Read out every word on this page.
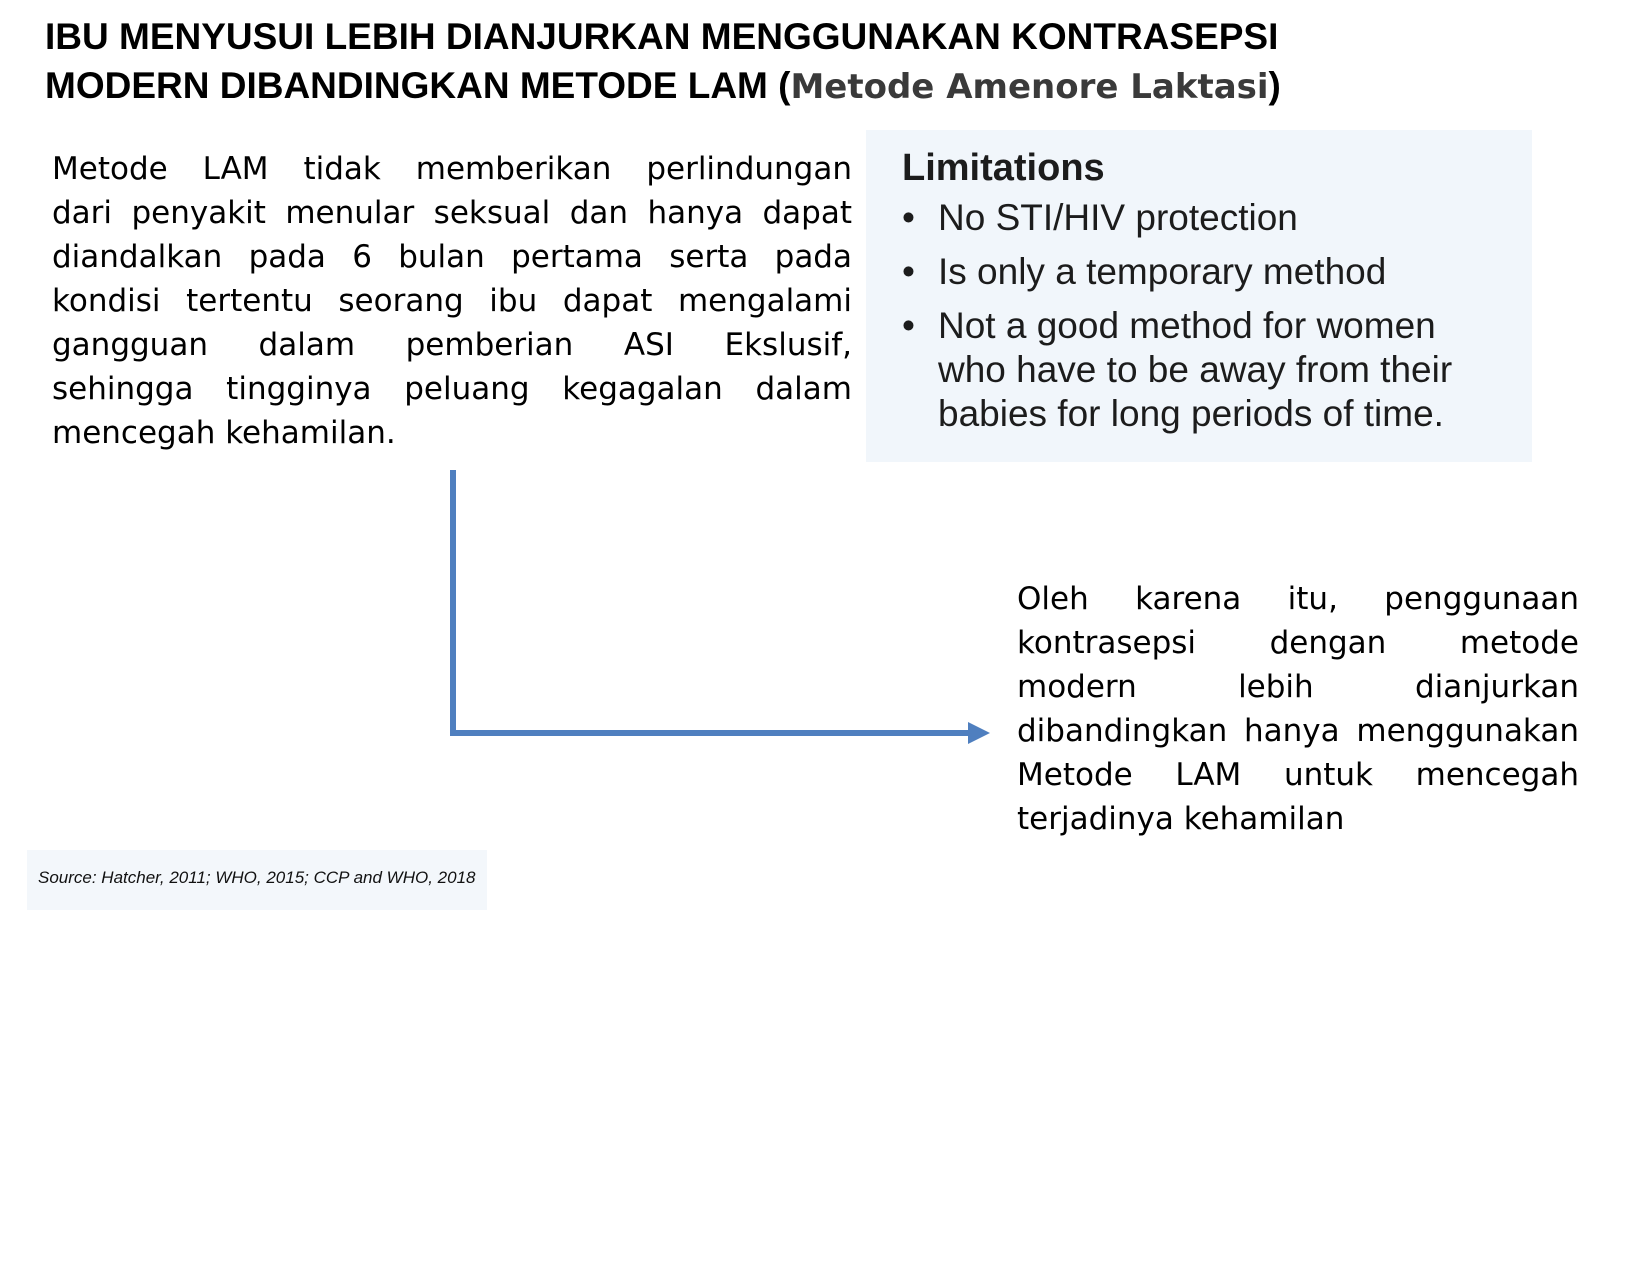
IBU MENYUSUI LEBIH DIANJURKAN MENGGUNAKAN KONTRASEPSI
MODERN DIBANDINGKAN METODE LAM (Metode Amenore Laktasi)
Metode LAM tidak memberikan perlindungan
dari penyakit menular seksual dan hanya dapat
diandalkan pada 6 bulan pertama serta pada
kondisi tertentu seorang ibu dapat mengalami
gangguan dalam pemberian ASI Ekslusif,
sehingga tingginya peluang kegagalan dalam
mencegah kehamilan.
Limitations
• No STI/HIV protection
• Is only a temporary method
• Not a good method for women who have to be away from their babies for long periods of time.
Oleh karena itu, penggunaan
kontrasepsi dengan metode
modern lebih dianjurkan
dibandingkan hanya menggunakan
Metode LAM untuk mencegah
terjadinya kehamilan
Source: Hatcher, 2011; WHO, 2015; CCP and WHO, 2018
